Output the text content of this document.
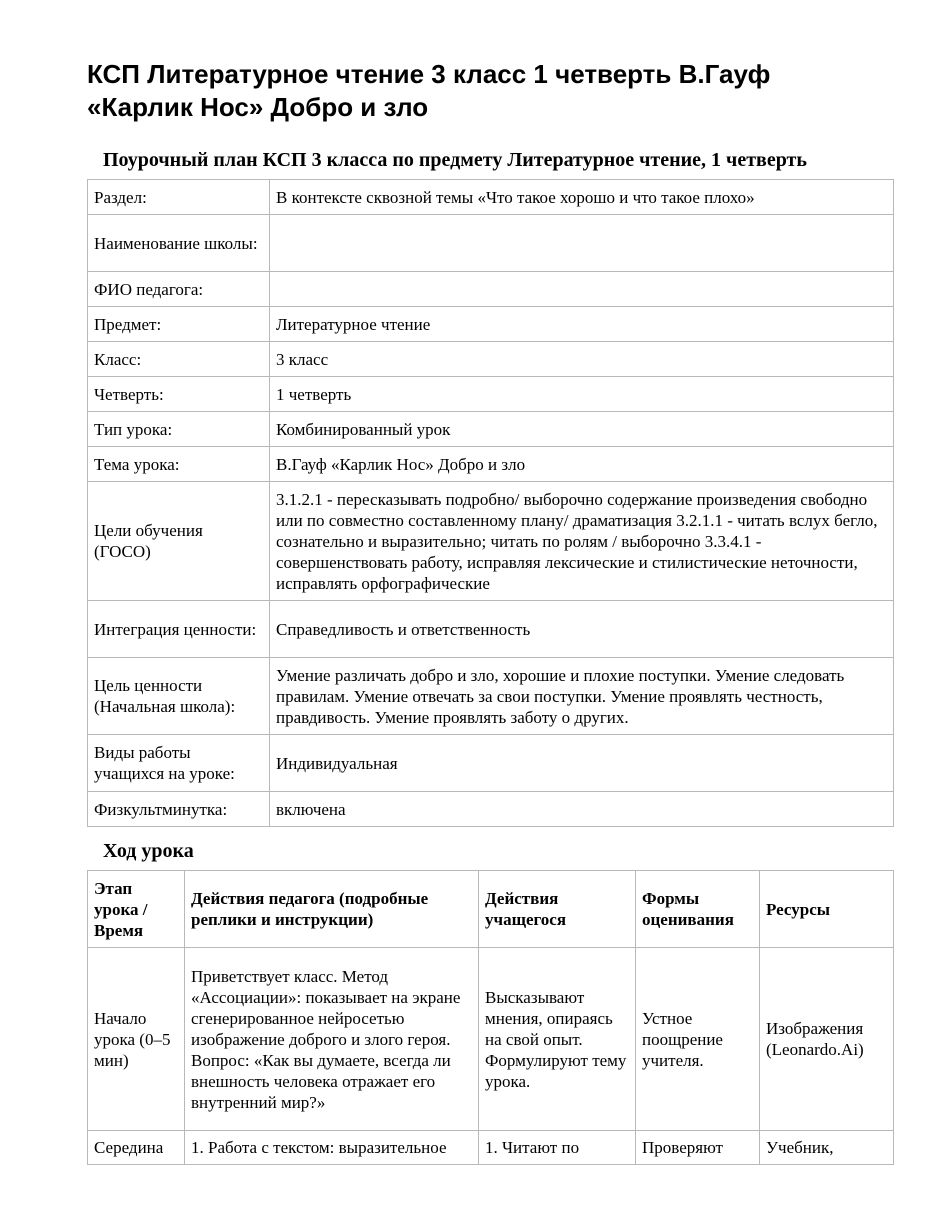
КСП Литературное чтение 3 класс 1 четверть В.Гауф «Карлик Нос» Добро и зло
Поурочный план КСП 3 класса по предмету Литературное чтение, 1 четверть
Раздел:	В контексте сквозной темы «Что такое хорошо и что такое плохо»
Наименование школы:	
ФИО педагога:	
Предмет:	Литературное чтение
Класс:	3 класс
Четверть:	1 четверть
Тип урока:	Комбинированный урок
Тема урока:	В.Гауф «Карлик Нос» Добро и зло
Цели обучения (ГОСО)	3.1.2.1 - пересказывать подробно/ выборочно содержание произведения свободно или по совместно составленному плану/ драматизация 3.2.1.1 - читать вслух бегло, сознательно и выразительно; читать по ролям / выборочно 3.3.4.1 - совершенствовать работу, исправляя лексические и стилистические неточности, исправлять орфографические
Интеграция ценности:	Справедливость и ответственность
Цель ценности (Начальная школа):	Умение различать добро и зло, хорошие и плохие поступки. Умение следовать правилам. Умение отвечать за свои поступки. Умение проявлять честность, правдивость. Умение проявлять заботу о других.
Виды работы учащихся на уроке:	Индивидуальная
Физкультминутка:	включена
Ход урока
Этап урока / Время	Действия педагога (подробные реплики и инструкции)	Действия учащегося	Формы оценивания	Ресурсы
Начало урока (0–5 мин)	Приветствует класс. Метод «Ассоциации»: показывает на экране сгенерированное нейросетью изображение доброго и злого героя. Вопрос: «Как вы думаете, всегда ли внешность человека отражает его внутренний мир?»	Высказывают мнения, опираясь на свой опыт. Формулируют тему урока.	Устное поощрение учителя.	Изображения (Leonardo.Ai)
Середина	1. Работа с текстом: выразительное	1. Читают по	Проверяют	Учебник,
